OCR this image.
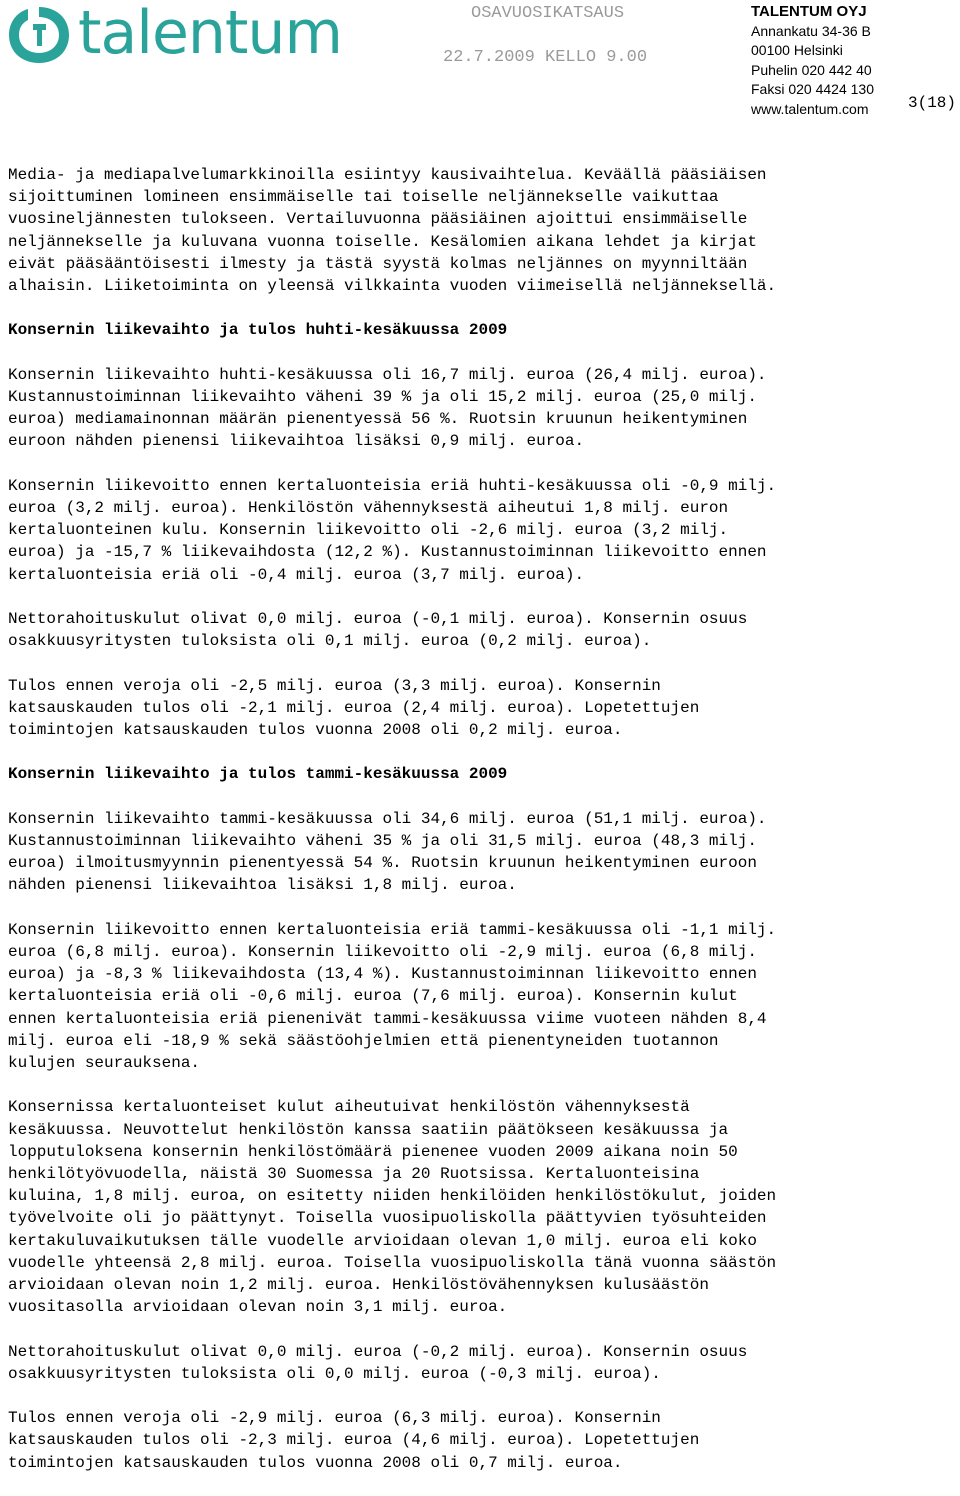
talentum	OSAVUOSIKATSAUS
22.7.2009 KELLO 9.00
TALENTUM OYJ
Annankatu 34-36 B
00100 Helsinki
Puhelin 020 442 40
Faksi 020 4424 130
www.talentum.com	3(18)

Media- ja mediapalvelumarkkinoilla esiintyy kausivaihtelua. Keväällä pääsiäisen
sijoittuminen lomineen ensimmäiselle tai toiselle neljännekselle vaikuttaa
vuosineljännesten tulokseen. Vertailuvuonna pääsiäinen ajoittui ensimmäiselle
neljännekselle ja kuluvana vuonna toiselle. Kesälomien aikana lehdet ja kirjat
eivät pääsääntöisesti ilmesty ja tästä syystä kolmas neljännes on myynniltään
alhaisin. Liiketoiminta on yleensä vilkkainta vuoden viimeisellä neljänneksellä.

Konsernin liikevaihto ja tulos huhti-kesäkuussa 2009

Konsernin liikevaihto huhti-kesäkuussa oli 16,7 milj. euroa (26,4 milj. euroa).
Kustannustoiminnan liikevaihto väheni 39 % ja oli 15,2 milj. euroa (25,0 milj.
euroa) mediamainonnan määrän pienentyessä 56 %. Ruotsin kruunun heikentyminen
euroon nähden pienensi liikevaihtoa lisäksi 0,9 milj. euroa.

Konsernin liikevoitto ennen kertaluonteisia eriä huhti-kesäkuussa oli -0,9 milj.
euroa (3,2 milj. euroa). Henkilöstön vähennyksestä aiheutui 1,8 milj. euron
kertaluonteinen kulu. Konsernin liikevoitto oli -2,6 milj. euroa (3,2 milj.
euroa) ja -15,7 % liikevaihdosta (12,2 %). Kustannustoiminnan liikevoitto ennen
kertaluonteisia eriä oli -0,4 milj. euroa (3,7 milj. euroa).

Nettorahoituskulut olivat 0,0 milj. euroa (-0,1 milj. euroa). Konsernin osuus
osakkuusyritysten tuloksista oli 0,1 milj. euroa (0,2 milj. euroa).

Tulos ennen veroja oli -2,5 milj. euroa (3,3 milj. euroa). Konsernin
katsauskauden tulos oli -2,1 milj. euroa (2,4 milj. euroa). Lopetettujen
toimintojen katsauskauden tulos vuonna 2008 oli 0,2 milj. euroa.

Konsernin liikevaihto ja tulos tammi-kesäkuussa 2009

Konsernin liikevaihto tammi-kesäkuussa oli 34,6 milj. euroa (51,1 milj. euroa).
Kustannustoiminnan liikevaihto väheni 35 % ja oli 31,5 milj. euroa (48,3 milj.
euroa) ilmoitusmyynnin pienentyessä 54 %. Ruotsin kruunun heikentyminen euroon
nähden pienensi liikevaihtoa lisäksi 1,8 milj. euroa.

Konsernin liikevoitto ennen kertaluonteisia eriä tammi-kesäkuussa oli -1,1 milj.
euroa (6,8 milj. euroa). Konsernin liikevoitto oli -2,9 milj. euroa (6,8 milj.
euroa) ja -8,3 % liikevaihdosta (13,4 %). Kustannustoiminnan liikevoitto ennen
kertaluonteisia eriä oli -0,6 milj. euroa (7,6 milj. euroa). Konsernin kulut
ennen kertaluonteisia eriä pienenivät tammi-kesäkuussa viime vuoteen nähden 8,4
milj. euroa eli -18,9 % sekä säästöohjelmien että pienentyneiden tuotannon
kulujen seurauksena.

Konsernissa kertaluonteiset kulut aiheutuivat henkilöstön vähennyksestä
kesäkuussa. Neuvottelut henkilöstön kanssa saatiin päätökseen kesäkuussa ja
lopputuloksena konsernin henkilöstömäärä pienenee vuoden 2009 aikana noin 50
henkilötyövuodella, näistä 30 Suomessa ja 20 Ruotsissa. Kertaluonteisina
kuluina, 1,8 milj. euroa, on esitetty niiden henkilöiden henkilöstökulut, joiden
työvelvoite oli jo päättynyt. Toisella vuosipuoliskolla päättyvien työsuhteiden
kertakuluvaikutuksen tälle vuodelle arvioidaan olevan 1,0 milj. euroa eli koko
vuodelle yhteensä 2,8 milj. euroa. Toisella vuosipuoliskolla tänä vuonna säästön
arvioidaan olevan noin 1,2 milj. euroa. Henkilöstövähennyksen kulusäästön
vuositasolla arvioidaan olevan noin 3,1 milj. euroa.

Nettorahoituskulut olivat 0,0 milj. euroa (-0,2 milj. euroa). Konsernin osuus
osakkuusyritysten tuloksista oli 0,0 milj. euroa (-0,3 milj. euroa).

Tulos ennen veroja oli -2,9 milj. euroa (6,3 milj. euroa). Konsernin
katsauskauden tulos oli -2,3 milj. euroa (4,6 milj. euroa). Lopetettujen
toimintojen katsauskauden tulos vuonna 2008 oli 0,7 milj. euroa.
